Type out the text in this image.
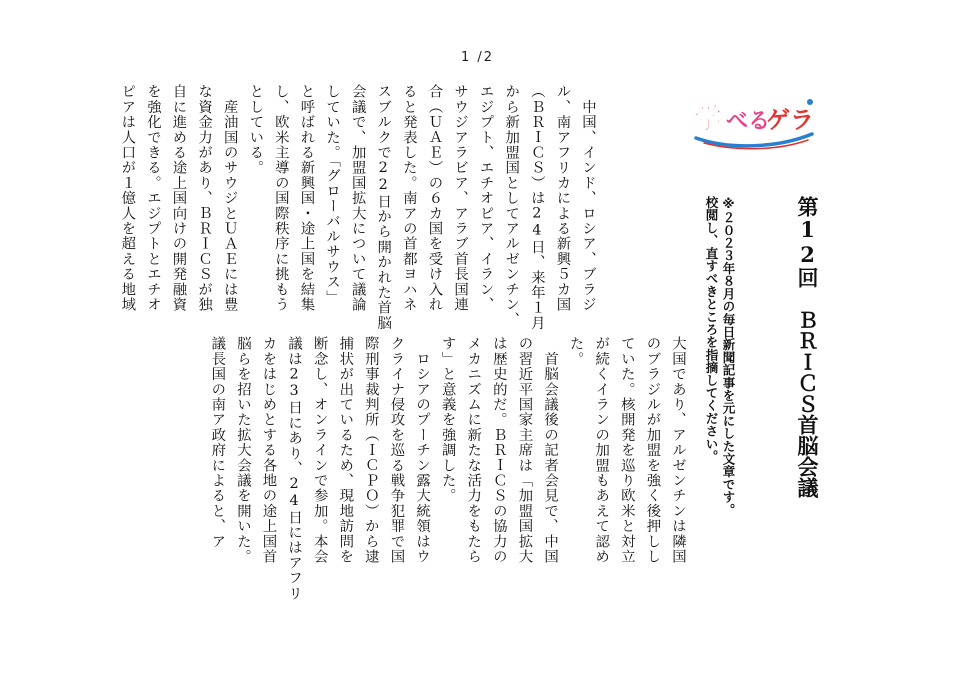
1 /2
学 べる
ゲラ
第12回　ＢＲＩＣＳ首脳会議
※２０２３年８月の毎日新聞記事を元にした文章です。
校閲し、直すべきところを指摘してください。
大国であり、アルゼンチンは隣国
のブラジルが加盟を強く後押しし
ていた。核開発を巡り欧米と対立
が続くイランの加盟もあえて認め
た。
　首脳会議後の記者会見で、中国
の習近平国家主席は「加盟国拡大
は歴史的だ。ＢＲＩＣＳの協力の
メカニズムに新たな活力をもたら
す」と意義を強調した。
　ロシアのプーチン露大統領はウ
クライナ侵攻を巡る戦争犯罪で国
際刑事裁判所（ＩＣＰＯ）から逮
捕状が出ているため、現地訪問を
断念し、オンラインで参加。本会
議は23日にあり、24日にはアフリ
カをはじめとする各地の途上国首
脳らを招いた拡大会議を開いた。
議長国の南ア政府によると、ア
　中国、インド、ロシア、ブラジ
ル、南アフリカによる新興５カ国
（ＢＲＩＣＳ）は24日、来年１月
から新加盟国としてアルゼンチン、
エジプト、エチオピア、イラン、
サウジアラビア、アラブ首長国連
合（ＵＡＥ）の６カ国を受け入れ
ると発表した。南アの首都ヨハネ
スブルクで22日から開かれた首脳
会議で、加盟国拡大について議論
していた。「グローバルサウス」
と呼ばれる新興国・途上国を結集
し、欧米主導の国際秩序に挑もう
としている。
　産油国のサウジとＵＡＥには豊
な資金力があり、ＢＲＩＣＳが独
自に進める途上国向けの開発融資
を強化できる。エジプトとエチオ
ピアは人口が１億人を超える地域
